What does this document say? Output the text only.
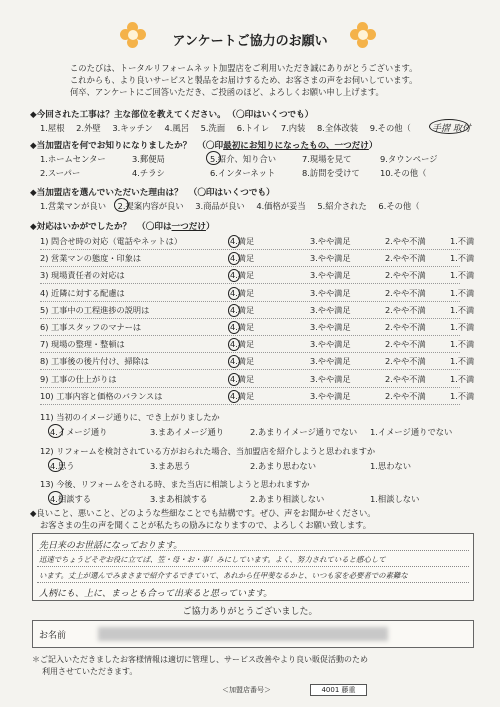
アンケートご協力のお願い
このたびは、トータルリフォームネット加盟店をご利用いただき誠にありがとうございます。
これからも、より良いサービスと製品をお届けするため、お客さまの声をお伺いしています。
何卒、アンケートにご回答いただき、ご投函のほど、よろしくお願い申し上げます。
◆今回された工事は？主な部位を教えてください。 （〇印はいくつでも）
1.屋根 2.外壁 3.キッチン 4.風呂 5.洗面 6.トイレ 7.内装 8.全体改装 9.その他（ 手摺 取付
◆当加盟店を何でお知りになりましたか？ （〇印最初にお知りになったもの、一つだけ）
1.ホームセンター	3.郵便局	5.紹介、知り合い	7.現場を見て	9.タウンページ
2.スーパー	4.チラシ	6.インターネット	8.訪問を受けて 10.その他（
◆当加盟店を選んでいただいた理由は？ （〇印はいくつでも）
1.営業マンが良い 2.提案内容が良い 3.商品が良い 4.価格が妥当 5.紹介された 6.その他（
◆対応はいかがでしたか？ （〇印は一つだけ）
1) 問合せ時の対応（電話やネットは）	4.満足	3.やや満足	2.やや不満	1.不満
2) 営業マンの態度・印象は	4.満足	3.やや満足	2.やや不満	1.不満
3) 現場責任者の対応は	4.満足	3.やや満足	2.やや不満	1.不満
4) 近隣に対する配慮は	4.満足	3.やや満足	2.やや不満	1.不満
5) 工事中の工程進捗の説明は	4.満足	3.やや満足	2.やや不満	1.不満
6) 工事スタッフのマナーは	4.満足	3.やや満足	2.やや不満	1.不満
7) 現場の整理・整頓は	4.満足	3.やや満足	2.やや不満	1.不満
8) 工事後の後片付け、掃除は	4.満足	3.やや満足	2.やや不満	1.不満
9) 工事の仕上がりは	4.満足	3.やや満足	2.やや不満	1.不満
10) 工事内容と価格のバランスは	4.満足	3.やや満足	2.やや不満	1.不満
11) 当初のイメージ通りに、でき上がりましたか
4.イメージ通り	3.まあイメージ通り	2.あまりイメージ通りでない 1.イメージ通りでない
12) リフォームを検討されている方がおられた場合、当加盟店を紹介しようと思われますか
4.思う	3.まあ思う	2.あまり思わない	1.思わない
13) 今後、リフォームをされる時、また当店に相談しようと思われますか
4.相談する	3.まあ相談する	2.あまり相談しない	1.相談しない
◆良いこと、悪いこと、どのような些細なことでも結構です。ぜひ、声をお聞かせください。
お客さまの生の声を聞くことが私たちの励みになりますので、よろしくお願い致します。
先日来のお世話になっております。
迅速でちょうどそぞお役に立てば、笠・母・お・事！みにしています。よく、努力されていると感心して
います。丈上が選んでみまさまで紹介するできていて、あれから任甲斐なるかと、いつも家を必要者での素難な
人柄にも、上に、まっとも合って出来ると思っています。
ご協力ありがとうございました。
お名前
＊ご記入いただきましたお客様情報は適切に管理し、サービス改善やより良い販促活動のため
利用させていただきます。
＜加盟店番号＞	4001 藤重
